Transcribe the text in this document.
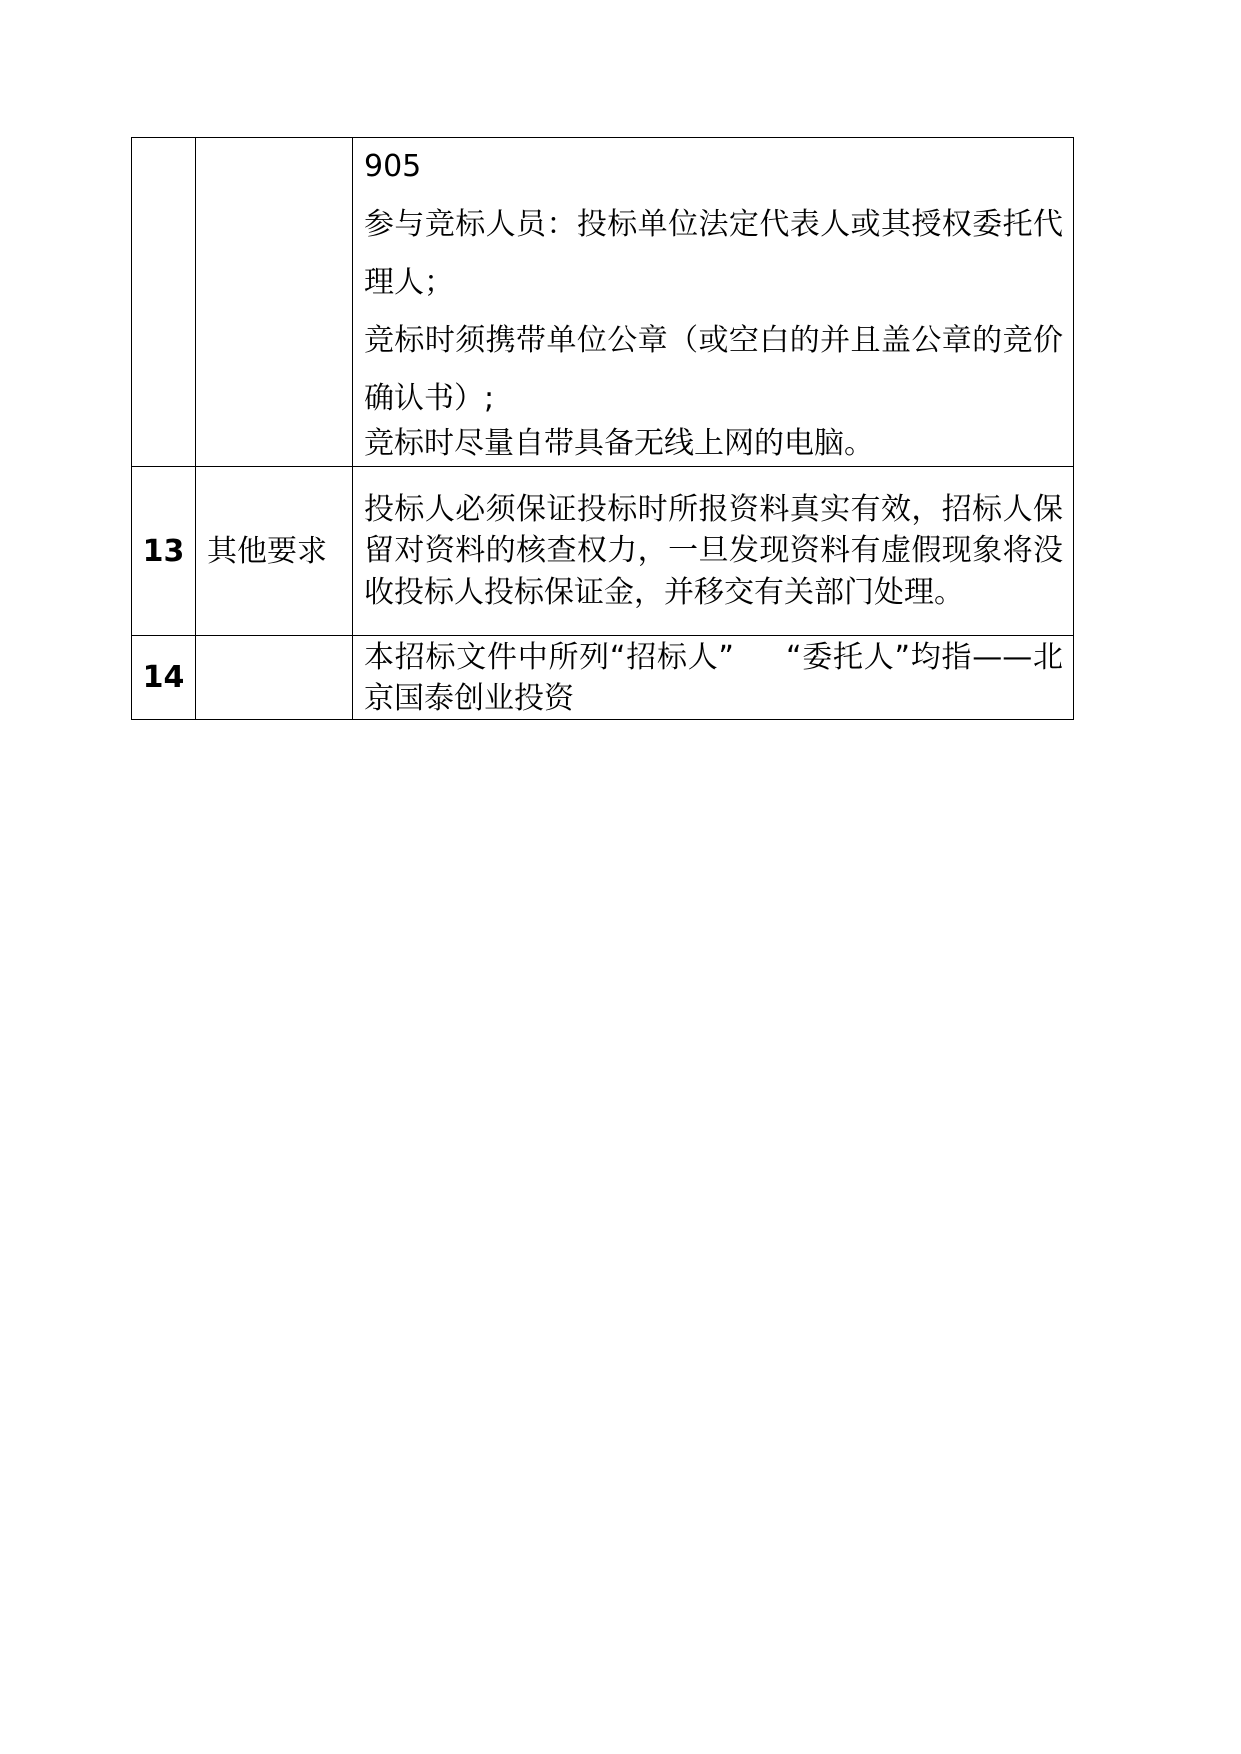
		905
参与竞标人员：投标单位法定代表人或其授权委托代理人；
竞标时须携带单位公章（或空白的并且盖公章的竞价确认书）;
竞标时尽量自带具备无线上网的电脑。

13	其他要求	投标人必须保证投标时所报资料真实有效，招标人保留对资料的核查权力，一旦发现资料有虚假现象将没收投标人投标保证金，并移交有关部门处理。
14		本招标文件中所列“招标人” “委托人”均指——北京国泰创业投资
